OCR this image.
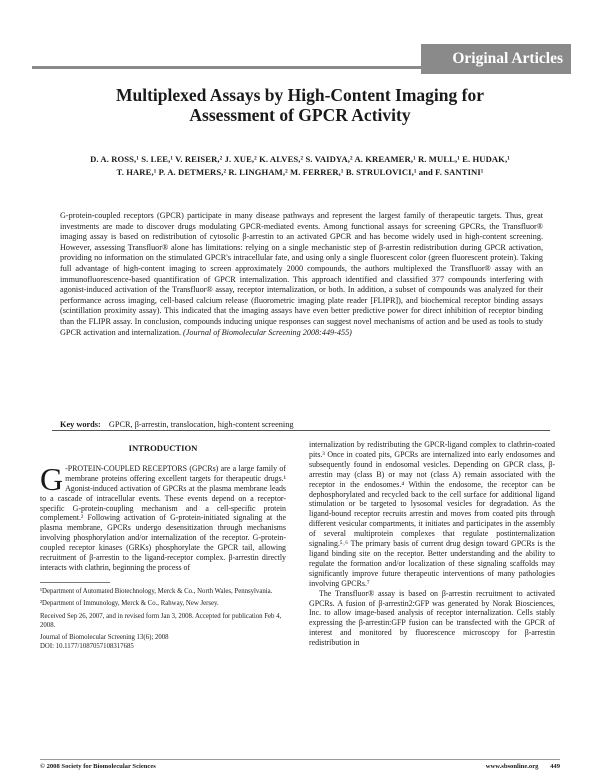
Original Articles
Multiplexed Assays by High-Content Imaging for
Assessment of GPCR Activity
D. A. ROSS,¹ S. LEE,¹ V. REISER,² J. XUE,² K. ALVES,² S. VAIDYA,² A. KREAMER,¹ R. MULL,¹ E. HUDAK,¹
T. HARE,¹ P. A. DETMERS,² R. LINGHAM,² M. FERRER,¹ B. STRULOVICI,¹ and F. SANTINI¹
G-protein-coupled receptors (GPCR) participate in many disease pathways and represent the largest family of therapeutic targets. Thus, great investments are made to discover drugs modulating GPCR-mediated events. Among functional assays for screening GPCRs, the Transfluor® imaging assay is based on redistribution of cytosolic β-arrestin to an activated GPCR and has become widely used in high-content screening. However, assessing Transfluor® alone has limitations: relying on a single mechanistic step of β-arrestin redistribution during GPCR activation, providing no information on the stimulated GPCR's intracellular fate, and using only a single fluorescent color (green fluorescent protein). Taking full advantage of high-content imaging to screen approximately 2000 compounds, the authors multiplexed the Transfluor® assay with an immunofluorescence-based quantification of GPCR internalization. This approach identified and classified 377 compounds interfering with agonist-induced activation of the Transfluor® assay, receptor internalization, or both. In addition, a subset of compounds was analyzed for their performance across imaging, cell-based calcium release (fluorometric imaging plate reader [FLIPR]), and biochemical receptor binding assays (scintillation proximity assay). This indicated that the imaging assays have even better predictive power for direct inhibition of receptor binding than the FLIPR assay. In conclusion, compounds inducing unique responses can suggest novel mechanisms of action and be used as tools to study GPCR activation and internalization. (Journal of Biomolecular Screening 2008:449-455)
Key words: GPCR, β-arrestin, translocation, high-content screening
INTRODUCTION

G -PROTEIN-COUPLED RECEPTORS (GPCRs) are a large family of membrane proteins offering excellent targets for therapeutic drugs.¹ Agonist-induced activation of GPCRs at the plasma membrane leads to a cascade of intracellular events. These events depend on a receptor-specific G-protein-coupling mechanism and a cell-specific protein complement.² Following activation of G-protein-initiated signaling at the plasma membrane, GPCRs undergo desensitization through mechanisms involving phosphorylation and/or internalization of the receptor. G-protein-coupled receptor kinases (GRKs) phosphorylate the GPCR tail, allowing recruitment of β-arrestin to the ligand-receptor complex. β-arrestin directly interacts with clathrin, beginning the process of

¹Department of Automated Biotechnology, Merck & Co., North Wales, Pennsylvania.

²Department of Immunology, Merck & Co., Rahway, New Jersey.

Received Sep 26, 2007, and in revised form Jan 3, 2008. Accepted for publication Feb 4, 2008.

Journal of Biomolecular Screening 13(6); 2008

DOI: 10.1177/1087057108317685

internalization by redistributing the GPCR-ligand complex to clathrin-coated pits.³ Once in coated pits, GPCRs are internalized into early endosomes and subsequently found in endosomal vesicles. Depending on GPCR class, β-arrestin may (class B) or may not (class A) remain associated with the receptor in the endosomes.⁴ Within the endosome, the receptor can be dephosphorylated and recycled back to the cell surface for additional ligand stimulation or be targeted to lysosomal vesicles for degradation. As the ligand-bound receptor recruits arrestin and moves from coated pits through different vesicular compartments, it initiates and participates in the assembly of several multiprotein complexes that regulate postinternalization signaling.⁵˒⁶ The primary basis of current drug design toward GPCRs is the ligand binding site on the receptor. Better understanding and the ability to regulate the formation and/or localization of these signaling scaffolds may significantly improve future therapeutic interventions of many pathologies involving GPCRs.⁷

The Transfluor® assay is based on β-arrestin recruitment to activated GPCRs. A fusion of β-arrestin2:GFP was generated by Norak Biosciences, Inc. to allow image-based analysis of receptor internalization. Cells stably expressing the β-arrestin:GFP fusion can be transfected with the GPCR of interest and monitored by fluorescence microscopy for β-arrestin redistribution in

© 2008 Society for Biomolecular Sciences	www.sbsonline.org 449
